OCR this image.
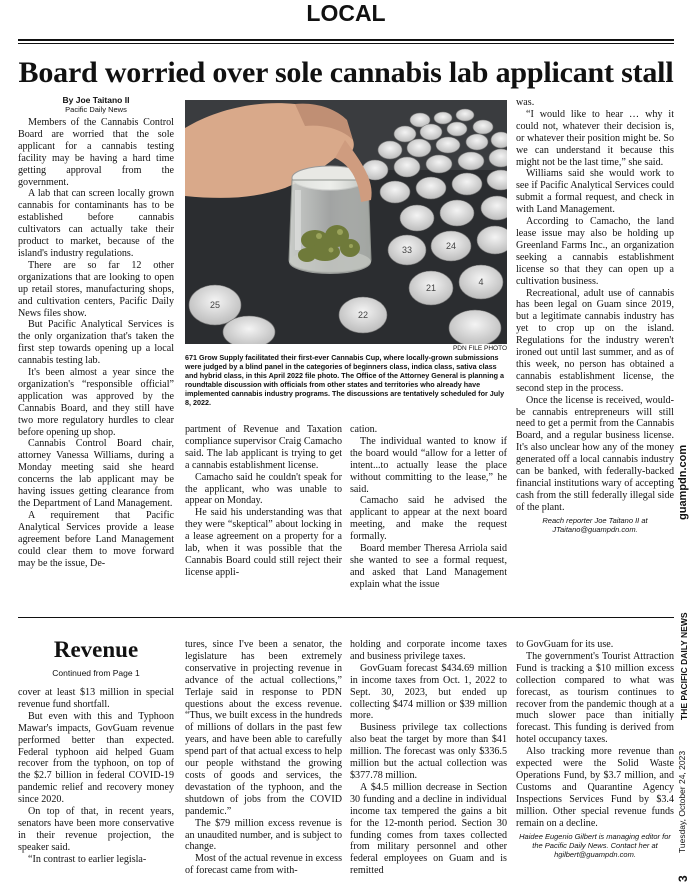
LOCAL
Board worried over sole cannabis lab applicant stall
By Joe Taitano II
Pacific Daily News

Members of the Cannabis Control Board are worried that the sole applicant for a cannabis testing facility may be having a hard time getting approval from the government.

A lab that can screen locally grown cannabis for contaminants has to be established before cannabis cultivators can actually take their product to market, because of the island's industry regulations.

There are so far 12 other organizations that are looking to open up retail stores, manufacturing shops, and cultivation centers, Pacific Daily News files show.

But Pacific Analytical Services is the only organization that's taken the first step towards opening up a local cannabis testing lab.

It's been almost a year since the organization's “responsible official” application was approved by the Cannabis Board, and they still have two more regulatory hurdles to clear before opening up shop.

Cannabis Control Board chair, attorney Vanessa Williams, during a Monday meeting said she heard concerns the lab applicant may be having issues getting clearance from the Department of Land Management.

A requirement that Pacific Analytical Services provide a lease agreement before Land Management could clear them to move forward may be the issue, De-

21
4
33
25
22
24
PDN FILE PHOTO
671 Grow Supply facilitated their first-ever Cannabis Cup, where locally-grown submissions were judged by a blind panel in the categories of beginners class, indica class, sativa class and hybrid class, in this April 2022 file photo. The Office of the Attorney General is planning a roundtable discussion with officials from other states and territories who already have implemented cannabis industry programs. The discussions are tentatively scheduled for July 8, 2022.

partment of Revenue and Taxation compliance supervisor Craig Camacho said. The lab applicant is trying to get a cannabis establishment license.

Camacho said he couldn't speak for the applicant, who was unable to appear on Monday.

He said his understanding was that they were “skeptical” about locking in a lease agreement on a property for a lab, when it was possible that the Cannabis Board could still reject their license appli-

cation.

The individual wanted to know if the board would “allow for a letter of intent...to actually lease the place without committing to the lease,” he said.

Camacho said he advised the applicant to appear at the next board meeting, and make the request formally.

Board member Theresa Arriola said she wanted to see a formal request, and asked that Land Management explain what the issue

was.

“I would like to hear … why it could not, whatever their decision is, or whatever their position might be. So we can understand it because this might not be the last time,” she said.

Williams said she would work to see if Pacific Analytical Services could submit a formal request, and check in with Land Management.

According to Camacho, the land lease issue may also be holding up Greenland Farms Inc., an organization seeking a cannabis establishment license so that they can open up a cultivation business.

Recreational, adult use of cannabis has been legal on Guam since 2019, but a legitimate cannabis industry has yet to crop up on the island. Regulations for the industry weren't ironed out until last summer, and as of this week, no person has obtained a cannabis establishment license, the second step in the process.

Once the license is received, would-be cannabis entrepreneurs will still need to get a permit from the Cannabis Board, and a regular business license. It's also unclear how any of the money generated off a local cannabis industry can be banked, with federally-backed financial institutions wary of accepting cash from the still federally illegal side of the plant.

Reach reporter Joe Taitano II at JTaitano@guampdn.com.
Revenue
Continued from Page 1

cover at least $13 million in special revenue fund shortfall.

But even with this and Typhoon Mawar's impacts, GovGuam revenue performed better than expected. Federal typhoon aid helped Guam recover from the typhoon, on top of the $2.7 billion in federal COVID-19 pandemic relief and recovery money since 2020.

On top of that, in recent years, senators have been more conservative in their revenue projection, the speaker said.

“In contrast to earlier legisla-

tures, since I've been a senator, the legislature has been extremely conservative in projecting revenue in advance of the actual collections,” Terlaje said in response to PDN questions about the excess revenue. “Thus, we built excess in the hundreds of millions of dollars in the past few years, and have been able to carefully spend part of that actual excess to help our people withstand the growing costs of goods and services, the devastation of the typhoon, and the shutdown of jobs from the COVID pandemic.”

The $79 million excess revenue is an unaudited number, and is subject to change.

Most of the actual revenue in excess of forecast came from with-

holding and corporate income taxes and business privilege taxes.

GovGuam forecast $434.69 million in income taxes from Oct. 1, 2022 to Sept. 30, 2023, but ended up collecting $474 million or $39 million more.

Business privilege tax collections also beat the target by more than $41 million. The forecast was only $336.5 million but the actual collection was $377.78 million.

A $4.5 million decrease in Section 30 funding and a decline in individual income tax tempered the gains a bit for the 12-month period. Section 30 funding comes from taxes collected from military personnel and other federal employees on Guam and is remitted

to GovGuam for its use.

The government's Tourist Attraction Fund is tracking a $10 million excess collection compared to what was forecast, as tourism continues to recover from the pandemic though at a much slower pace than initially forecast. This funding is derived from hotel occupancy taxes.

Also tracking more revenue than expected were the Solid Waste Operations Fund, by $3.7 million, and Customs and Quarantine Agency Inspections Services Fund by $3.4 million. Other special revenue funds remain on a decline.

Haidee Eugenio Gilbert is managing editor for the Pacific Daily News. Contact her at hgilbert@guampdn.com.
guampdn.com
THE PACIFIC DAILY NEWS
Tuesday, October 24, 2023
3
